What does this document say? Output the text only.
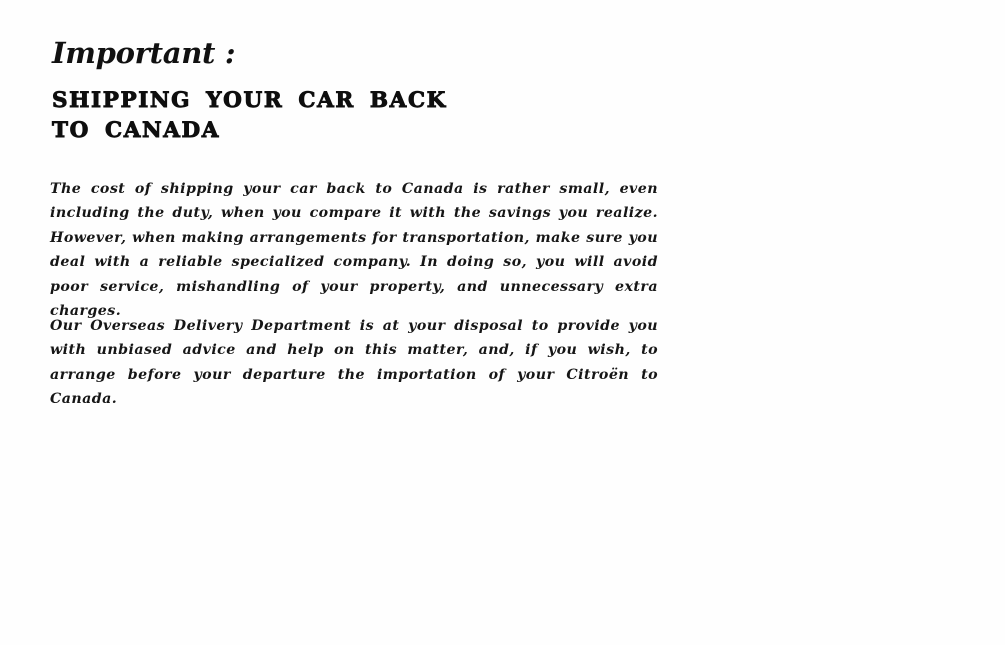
Important :
SHIPPING YOUR CAR BACK
TO CANADA

The cost of shipping your car back to Canada is rather small, even including the duty, when you compare it with the savings you realize. However, when making arrangements for transportation, make sure you deal with a reliable specialized company. In doing so, you will avoid poor service, mishandling of your property, and unnecessary extra charges.

Our Overseas Delivery Department is at your disposal to provide you with unbiased advice and help on this matter, and, if you wish, to arrange before your departure the importation of your Citroën to Canada.
